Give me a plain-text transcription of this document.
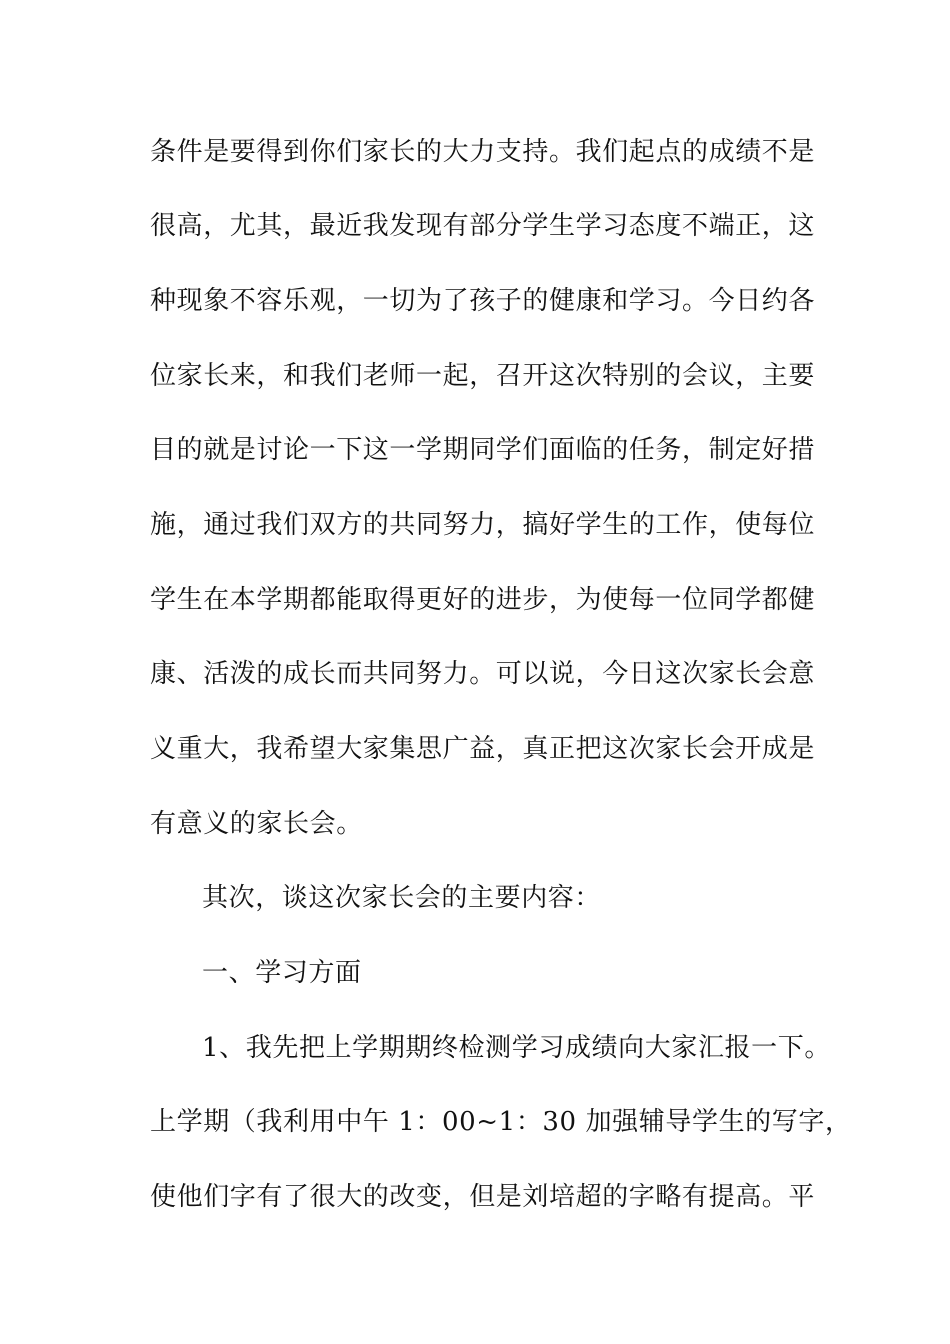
条件是要得到你们家长的大力支持。我们起点的成绩不是
很高，尤其，最近我发现有部分学生学习态度不端正，这
种现象不容乐观，一切为了孩子的健康和学习。今日约各
位家长来，和我们老师一起，召开这次特别的会议，主要
目的就是讨论一下这一学期同学们面临的任务，制定好措
施，通过我们双方的共同努力，搞好学生的工作，使每位
学生在本学期都能取得更好的进步，为使每一位同学都健
康、活泼的成长而共同努力。可以说，今日这次家长会意
义重大，我希望大家集思广益，真正把这次家长会开成是
有意义的家长会。
其次，谈这次家长会的主要内容：
一、学习方面
1、我先把上学期期终检测学习成绩向大家汇报一下。
上学期（我利用中午 1：00~1：30 加强辅导学生的写字，
使他们字有了很大的改变，但是刘培超的字略有提高。平
